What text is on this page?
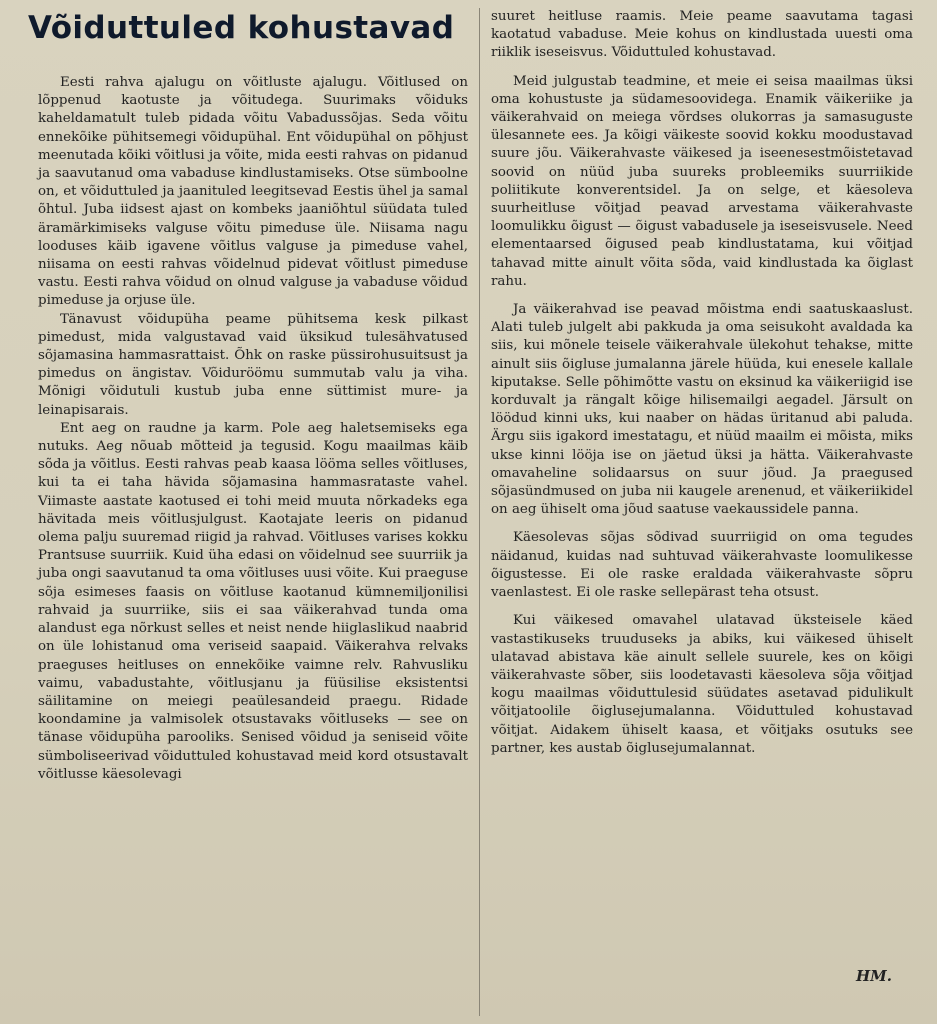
Võiduttuled kohustavad

Eesti rahva ajalugu on võitluste ajalugu. Võitlused on lõppenud kaotuste ja võitudega. Suurimaks võiduks kaheldamatult tuleb pidada võitu Vabadussõjas. Seda võitu ennekõike pühitsemegi võidupühal. Ent võidupühal on põhjust meenutada kõiki võitlusi ja võite, mida eesti rahvas on pidanud ja saavutanud oma vabaduse kindlustamiseks. Otse sümboolne on, et võiduttuled ja jaanituled leegitsevad Eestis ühel ja samal õhtul. Juba iidsest ajast on kombeks jaaniõhtul süüdata tuled äramärkimiseks valguse võitu pimeduse üle. Niisama nagu looduses käib igavene võitlus valguse ja pimeduse vahel, niisama on eesti rahvas võidelnud pidevat võitlust pimeduse vastu. Eesti rahva võidud on olnud valguse ja vabaduse võidud pimeduse ja orjuse üle.

Tänavust võidupüha peame pühitsema kesk pilkast pimedust, mida valgustavad vaid üksikud tulesähvatused sõjamasina hammasrattaist. Õhk on raske püssirohusuitsust ja pimedus on ängistav. Võiduröömu summutab valu ja viha. Mõnigi võidutuli kustub juba enne süttimist mure- ja leinapisarais.

Ent aeg on raudne ja karm. Pole aeg haletsemiseks ega nutuks. Aeg nõuab mõtteid ja tegusid. Kogu maailmas käib sõda ja võitlus. Eesti rahvas peab kaasa lööma selles võitluses, kui ta ei taha hävida sõjamasina hammasrataste vahel. Viimaste aastate kaotused ei tohi meid muuta nõrkadeks ega hävitada meis võitlusjulgust. Kaotajate leeris on pidanud olema palju suuremad riigid ja rahvad. Võitluses varises kokku Prantsuse suurriik. Kuid üha edasi on võidelnud see suurriik ja juba ongi saavutanud ta oma võitluses uusi võite. Kui praeguse sõja esimeses faasis on võitluse kaotanud kümnemiljonilisi rahvaid ja suurriike, siis ei saa väikerahvad tunda oma alandust ega nõrkust selles et neist nende hiiglaslikud naabrid on üle lohistanud oma veriseid saapaid. Väikerahva relvaks praeguses heitluses on ennekõike vaimne relv. Rahvusliku vaimu, vabadustahte, võitlusjanu ja füüsilise eksistentsi säilitamine on meiegi peaülesandeid praegu. Ridade koondamine ja valmisolek otsustavaks võitluseks — see on tänase võidupüha parooliks. Senised võidud ja seniseid võite sümboliseerivad võiduttuled kohustavad meid kord otsustavalt võitlusse käesolevagi

suuret heitluse raamis. Meie peame saavutama tagasi kaotatud vabaduse. Meie kohus on kindlustada uuesti oma riiklik iseseisvus. Võiduttuled kohustavad.

Meid julgustab teadmine, et meie ei seisa maailmas üksi oma kohustuste ja südamesoovidega. Enamik väikeriike ja väikerahvaid on meiega võrdses olukorras ja samasuguste ülesannete ees. Ja kõigi väikeste soovid kokku moodustavad suure jõu. Väikerahvaste väikesed ja iseenesestmõistetavad soovid on nüüd juba suureks probleemiks suurriikide poliitikute konverentsidel. Ja on selge, et käesoleva suurheitluse võitjad peavad arvestama väikerahvaste loomulikku õigust — õigust vabadusele ja iseseisvusele. Need elementaarsed õigused peab kindlustatama, kui võitjad tahavad mitte ainult võita sõda, vaid kindlustada ka õiglast rahu.

Ja väikerahvad ise peavad mõistma endi saatuskaaslust. Alati tuleb julgelt abi pakkuda ja oma seisukoht avaldada ka siis, kui mõnele teisele väikerahvale ülekohut tehakse, mitte ainult siis õigluse jumalanna järele hüüda, kui enesele kallale kiputakse. Selle põhimõtte vastu on eksinud ka väikeriigid ise korduvalt ja rängalt kõige hilisemailgi aegadel. Järsult on löödud kinni uks, kui naaber on hädas üritanud abi paluda. Ärgu siis igakord imestatagu, et nüüd maailm ei mõista, miks ukse kinni lööja ise on jäetud üksi ja hätta. Väikerahvaste omavaheline solidaarsus on suur jõud. Ja praegused sõjasündmused on juba nii kaugele arenenud, et väikeriikidel on aeg ühiselt oma jõud saatuse vaekaussidele panna.

Käesolevas sõjas sõdivad suurriigid on oma tegudes näidanud, kuidas nad suhtuvad väikerahvaste loomulikesse õigustesse. Ei ole raske eraldada väikerahvaste sõpru vaenlastest. Ei ole raske sellepärast teha otsust.

Kui väikesed omavahel ulatavad üksteisele käed vastastikuseks truuduseks ja abiks, kui väikesed ühiselt ulatavad abistava käe ainult sellele suurele, kes on kõigi väikerahvaste sõber, siis loodetavasti käesoleva sõja võitjad kogu maailmas võiduttulesid süüdates asetavad pidulikult võitjatoolile õiglusejumalanna. Võiduttuled kohustavad võitjat. Aidakem ühiselt kaasa, et võitjaks osutuks see partner, kes austab õiglusejumalannat.

HM.
